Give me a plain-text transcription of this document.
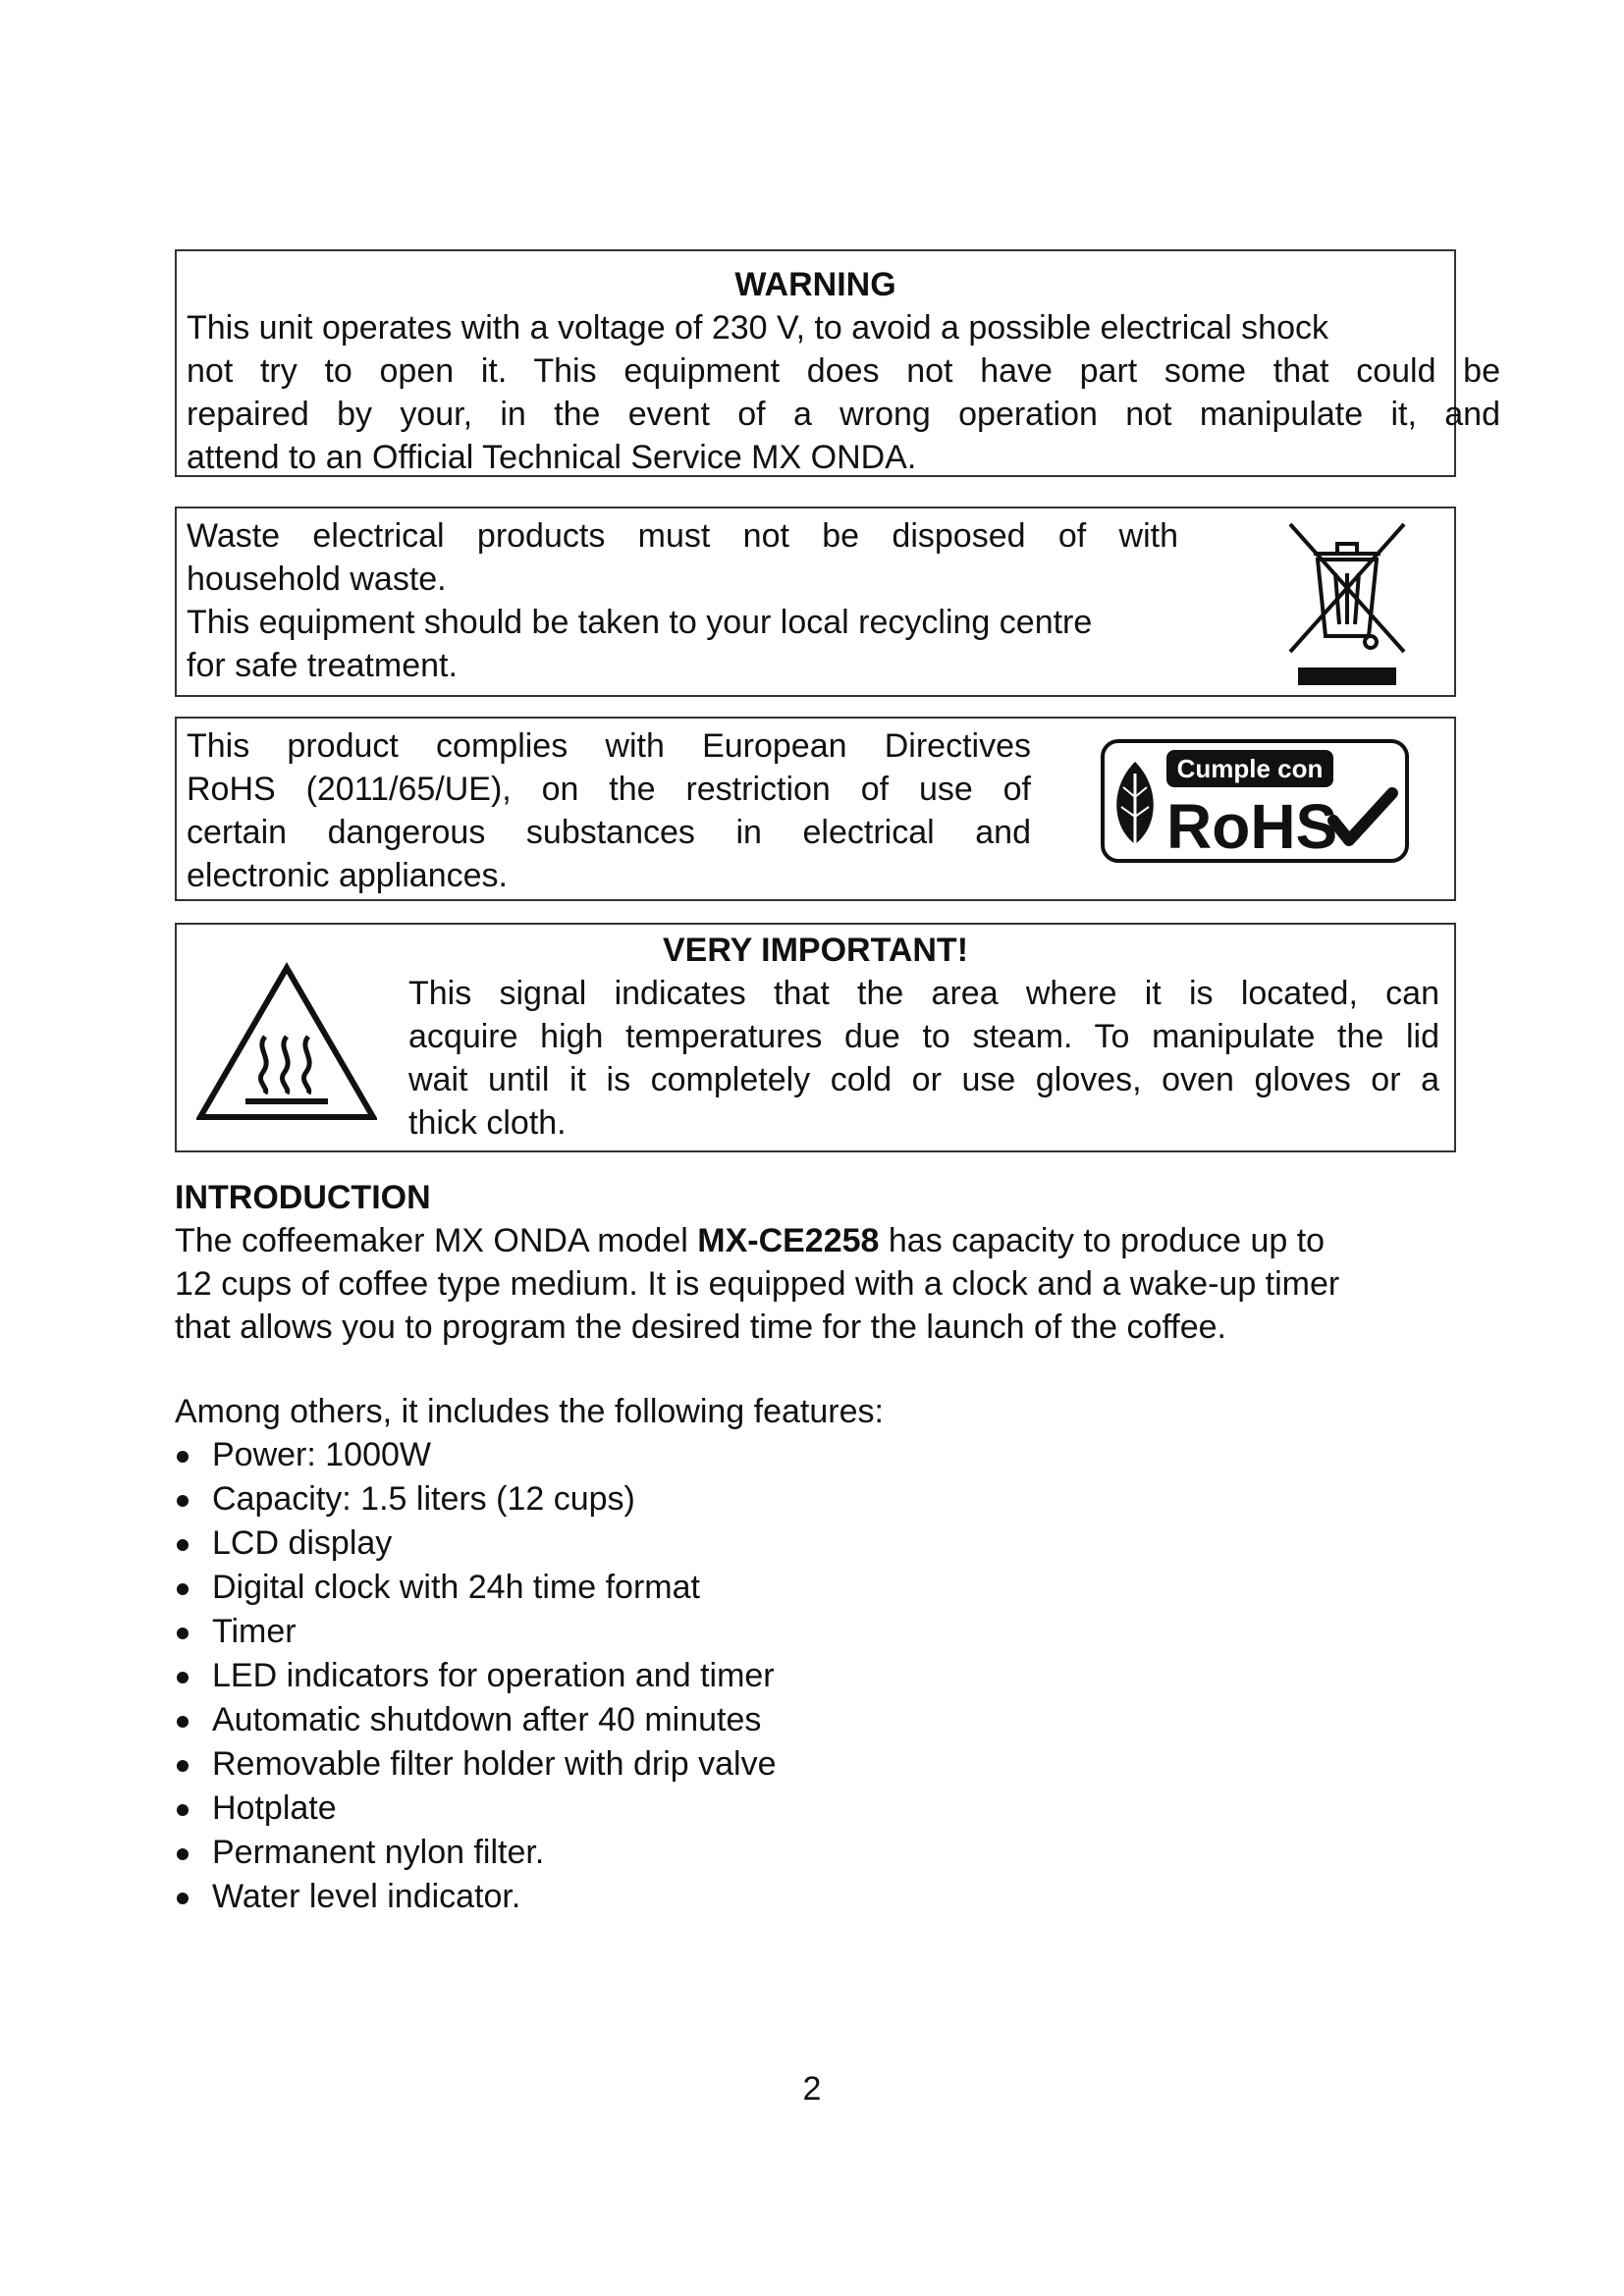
WARNING

This unit operates with a voltage of 230 V, to avoid a possible electrical shock

not try to open it. This equipment does not have part some that could be

repaired by your, in the event of a wrong operation not manipulate it, and

attend to an Official Technical Service MX ONDA.

Waste electrical products must not be disposed of with

household waste.

This equipment should be taken to your local recycling centre

for safe treatment.

This product complies with European Directives

RoHS (2011/65/UE), on the restriction of use of

certain dangerous substances in electrical and

electronic appliances.

Cumple con
RoHS
VERY IMPORTANT!

This signal indicates that the area where it is located, can

acquire high temperatures due to steam. To manipulate the lid

wait until it is completely cold or use gloves, oven gloves or a

thick cloth.

INTRODUCTION

The coffeemaker MX ONDA model MX-CE2258 has capacity to produce up to

12 cups of coffee type medium. It is equipped with a clock and a wake-up timer

that allows you to program the desired time for the launch of the coffee.

Among others, it includes the following features:

Power: 1000W
Capacity: 1.5 liters (12 cups)
LCD display
Digital clock with 24h time format
Timer
LED indicators for operation and timer
Automatic shutdown after 40 minutes
Removable filter holder with drip valve
Hotplate
Permanent nylon filter.
Water level indicator.
2
